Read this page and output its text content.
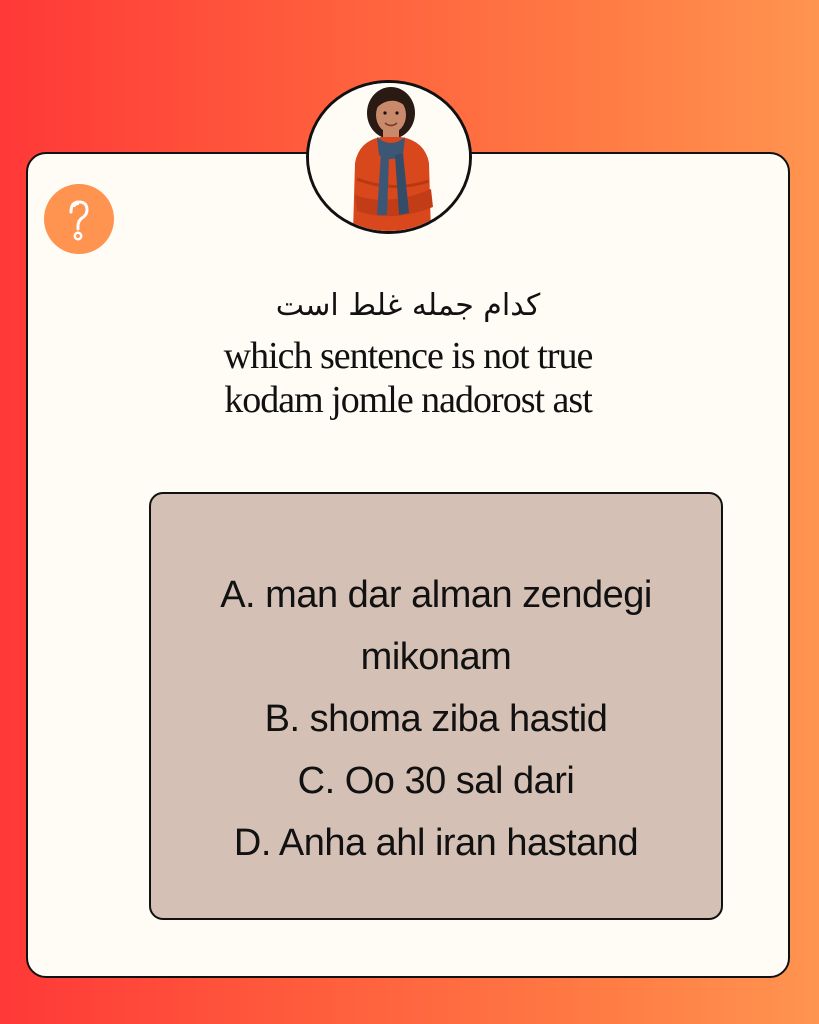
کدام جمله غلط است
which sentence is not true
kodam jomle nadorost ast
A. man dar alman zendegi
mikonam
B. shoma ziba hastid
C. Oo 30 sal dari
D. Anha ahl iran hastand
